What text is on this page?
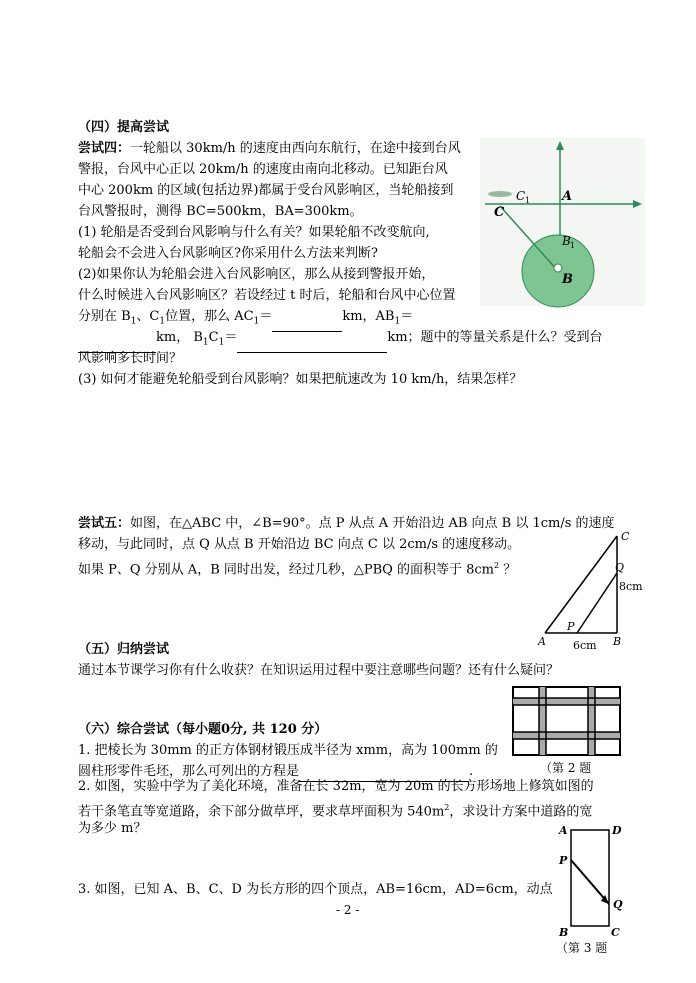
（四）提高尝试
尝试四：一轮船以 30km/h 的速度由西向东航行，在途中接到台风
警报，台风中心正以 20km/h 的速度由南向北移动。已知距台风
中心 200km 的区域(包括边界)都属于受台风影响区，当轮船接到
台风警报时，测得 BC=500km，BA=300km。
(1) 轮船是否受到台风影响与什么有关？如果轮船不改变航向,
轮船会不会进入台风影响区?你采用什么方法来判断?
(2)如果你认为轮船会进入台风影响区，那么从接到警报开始，
什么时候进入台风影响区？若设经过 t 时后，轮船和台风中心位置
分别在 $B_1$、$C_1$位置，那么 $AC_1=$	km，$AB_1=$
km， $B_1C_1=$	km；题中的等量关系是什么？受到台
风影响多长时间？
(3) 如何才能避免轮船受到台风影响？如果把航速改为 10 km/h，结果怎样？
C 1 A
C
B 1
B
尝试五：如图，在△ABC 中，∠B=90°。点 P 从点 A 开始沿边 AB 向点 B 以 1cm/s 的速度
移动，与此同时，点 Q 从点 B 开始沿边 BC 向点 C 以 2cm/s 的速度移动。
如果 P、Q 分别从 A，B 同时出发，经过几秒，△PBQ 的面积等于 $8cm^2$ ？
C
Q
8cm
A
P
B
6cm
（五）归纳尝试
通过本节课学习你有什么收获？在知识运用过程中要注意哪些问题？还有什么疑问？
（六）综合尝试（每小题0分, 共 120 分）
1. 把棱长为 30mm 的正方体钢材锻压成半径为 xmm，高为 100mm 的
圆柱形零件毛坯，那么可列出的方程是	.	（第 2 题
2. 如图，实验中学为了美化环境，准备在长 32m，宽为 20m 的长方形场地上修筑如图的
若干条笔直等宽道路，余下部分做草坪，要求草坪面积为 $540m^2$，求设计方案中道路的宽
为多少 m？
3. 如图，已知 A、B、C、D 为长方形的四个顶点，AB=16cm，AD=6cm，动点
A	D
P
Q
B	C
（第 3 题
- 2 -
